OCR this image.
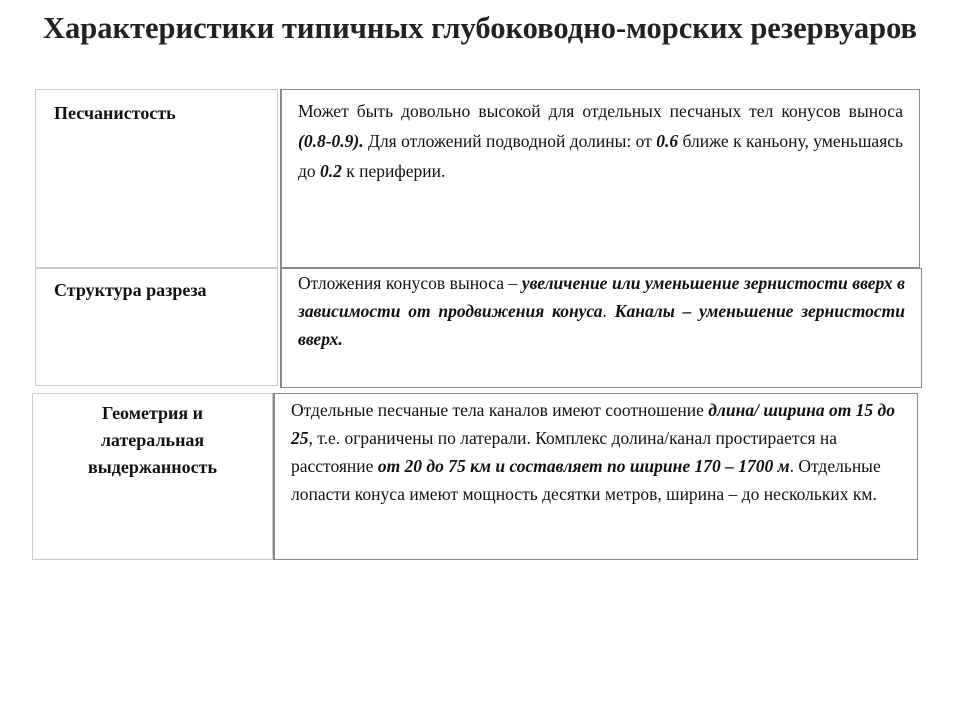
Характеристики типичных глубоководно-морских резервуаров
Песчанистость	Может быть довольно высокой для отдельных песчаных тел конусов выноса (0.8-0.9). Для отложений подводной долины: от 0.6 ближе к каньону, уменьшаясь до 0.2 к периферии.
Структура разреза	Отложения конусов выноса – увеличение или уменьшение зернистости вверх в зависимости от продвижения конуса. Каналы – уменьшение зернистости вверх.
Геометрия и латеральная выдержанность
Отдельные песчаные тела каналов имеют соотношение длина/ ширина от 15 до 25, т.е. ограничены по латерали. Комплекс долина/канал простирается на расстояние от 20 до 75 км и составляет по ширине 170 – 1700 м. Отдельные лопасти конуса имеют мощность десятки метров, ширина – до нескольких км.
